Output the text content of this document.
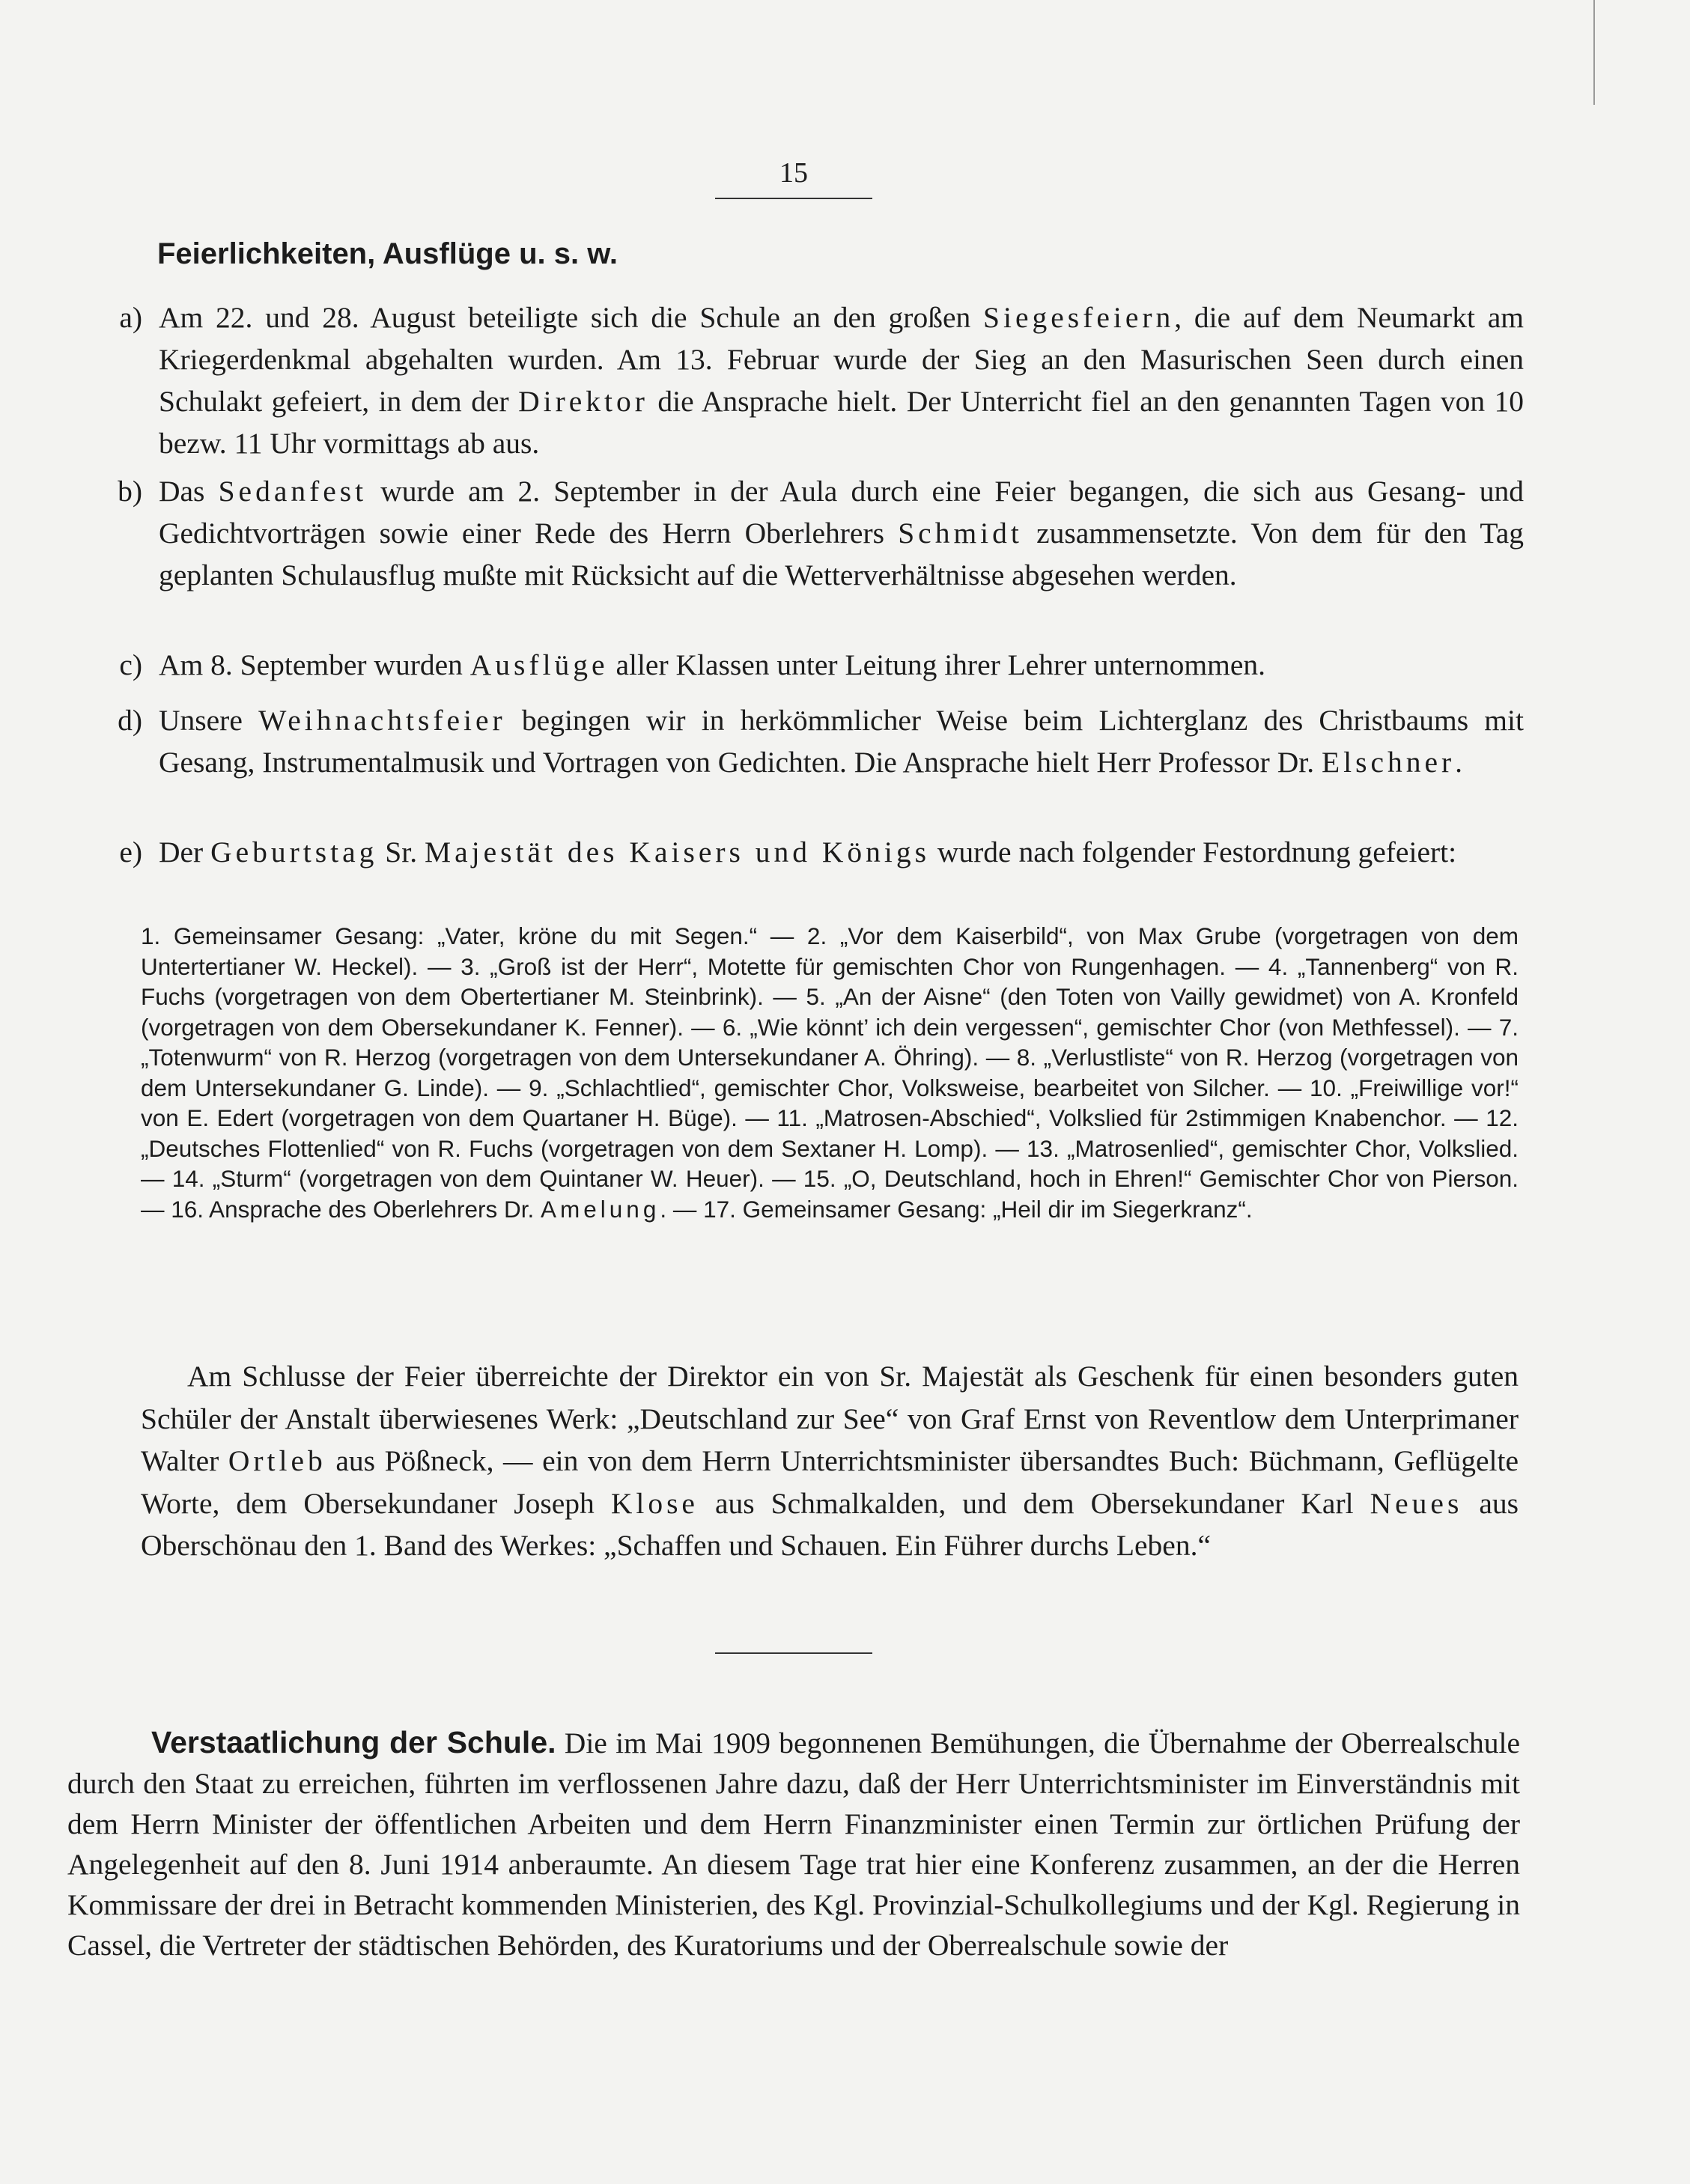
15
Feierlichkeiten, Ausflüge u. s. w.
a) Am 22. und 28. August beteiligte sich die Schule an den großen Siegesfeiern, die auf dem Neumarkt am Kriegerdenkmal abgehalten wurden. Am 13. Februar wurde der Sieg an den Masurischen Seen durch einen Schulakt gefeiert, in dem der Direktor die Ansprache hielt. Der Unterricht fiel an den genannten Tagen von 10 bezw. 11 Uhr vormittags ab aus.
b) Das Sedanfest wurde am 2. September in der Aula durch eine Feier begangen, die sich aus Gesang- und Gedichtvorträgen sowie einer Rede des Herrn Oberlehrers Schmidt zusammensetzte. Von dem für den Tag geplanten Schulausflug mußte mit Rücksicht auf die Wetterverhältnisse abgesehen werden.
c) Am 8. September wurden Ausflüge aller Klassen unter Leitung ihrer Lehrer unternommen.
d) Unsere Weihnachtsfeier begingen wir in herkömmlicher Weise beim Lichterglanz des Christbaums mit Gesang, Instrumentalmusik und Vortragen von Gedichten. Die Ansprache hielt Herr Professor Dr. Elschner.
e) Der Geburtstag Sr. Majestät des Kaisers und Königs wurde nach folgender Festordnung gefeiert:
1. Gemeinsamer Gesang: „Vater, kröne du mit Segen.“ — 2. „Vor dem Kaiserbild“, von Max Grube (vorgetragen von dem Untertertianer W. Heckel). — 3. „Groß ist der Herr“, Motette für gemischten Chor von Rungenhagen. — 4. „Tannenberg“ von R. Fuchs (vorgetragen von dem Obertertianer M. Steinbrink). — 5. „An der Aisne“ (den Toten von Vailly gewidmet) von A. Kronfeld (vorgetragen von dem Obersekundaner K. Fenner). — 6. „Wie könnt’ ich dein vergessen“, gemischter Chor (von Methfessel). — 7. „Totenwurm“ von R. Herzog (vorgetragen von dem Untersekundaner A. Öhring). — 8. „Verlustliste“ von R. Herzog (vorgetragen von dem Untersekundaner G. Linde). — 9. „Schlachtlied“, gemischter Chor, Volksweise, bearbeitet von Silcher. — 10. „Freiwillige vor!“ von E. Edert (vorgetragen von dem Quartaner H. Büge). — 11. „Matrosen-Abschied“, Volkslied für 2stimmigen Knabenchor. — 12. „Deutsches Flottenlied“ von R. Fuchs (vorgetragen von dem Sextaner H. Lomp). — 13. „Matrosenlied“, gemischter Chor, Volkslied. — 14. „Sturm“ (vorgetragen von dem Quintaner W. Heuer). — 15. „O, Deutschland, hoch in Ehren!“ Gemischter Chor von Pierson. — 16. Ansprache des Oberlehrers Dr. Amelung. — 17. Gemeinsamer Gesang: „Heil dir im Siegerkranz“.
Am Schlusse der Feier überreichte der Direktor ein von Sr. Majestät als Geschenk für einen besonders guten Schüler der Anstalt überwiesenes Werk: „Deutschland zur See“ von Graf Ernst von Reventlow dem Unterprimaner Walter Ortleb aus Pößneck, — ein von dem Herrn Unterrichtsminister übersandtes Buch: Büchmann, Geflügelte Worte, dem Obersekundaner Joseph Klose aus Schmalkalden, und dem Obersekundaner Karl Neues aus Oberschönau den 1. Band des Werkes: „Schaffen und Schauen. Ein Führer durchs Leben.“
Verstaatlichung der Schule. Die im Mai 1909 begonnenen Bemühungen, die Übernahme der Oberrealschule durch den Staat zu erreichen, führten im verflossenen Jahre dazu, daß der Herr Unterrichtsminister im Einverständnis mit dem Herrn Minister der öffentlichen Arbeiten und dem Herrn Finanzminister einen Termin zur örtlichen Prüfung der Angelegenheit auf den 8. Juni 1914 anberaumte. An diesem Tage trat hier eine Konferenz zusammen, an der die Herren Kommissare der drei in Betracht kommenden Ministerien, des Kgl. Provinzial-Schulkollegiums und der Kgl. Regierung in Cassel, die Vertreter der städtischen Behörden, des Kuratoriums und der Oberrealschule sowie der
